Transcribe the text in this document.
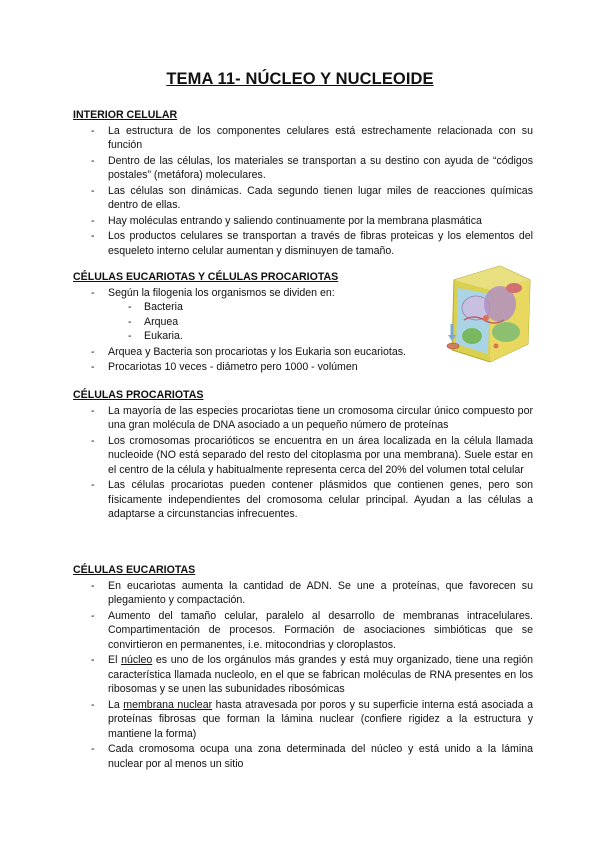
TEMA 11- NÚCLEO Y NUCLEOIDE
INTERIOR CELULAR
- La estructura de los componentes celulares está estrechamente relacionada con su función
- Dentro de las células, los materiales se transportan a su destino con ayuda de “códigos postales” (metáfora) moleculares.
- Las células son dinámicas. Cada segundo tienen lugar miles de reacciones químicas dentro de ellas.
- Hay moléculas entrando y saliendo continuamente por la membrana plasmática
- Los productos celulares se transportan a través de fibras proteicas y los elementos del esqueleto interno celular aumentan y disminuyen de tamaño.
CÉLULAS EUCARIOTAS Y CÉLULAS PROCARIOTAS
- Según la filogenia los organismos se dividen en:
- Bacteria
- Arquea
- Eukaria.
- Arquea y Bacteria son procariotas y los Eukaria son eucariotas.
- Procariotas 10 veces - diámetro pero 1000 - volúmen
CÉLULAS PROCARIOTAS
- La mayoría de las especies procariotas tiene un cromosoma circular único compuesto por una gran molécula de DNA asociado a un pequeño número de proteínas
- Los cromosomas procarióticos se encuentra en un área localizada en la célula llamada nucleoide (NO está separado del resto del citoplasma por una membrana). Suele estar en el centro de la célula y habitualmente representa cerca del 20% del volumen total celular
- Las células procariotas pueden contener plásmidos que contienen genes, pero son físicamente independientes del cromosoma celular principal. Ayudan a las células a adaptarse a circunstancias infrecuentes.
CÉLULAS EUCARIOTAS
- En eucariotas aumenta la cantidad de ADN. Se une a proteínas, que favorecen su plegamiento y compactación.
- Aumento del tamaño celular, paralelo al desarrollo de membranas intracelulares. Compartimentación de procesos. Formación de asociaciones simbióticas que se convirtieron en permanentes, i.e. mitocondrias y cloroplastos.
- El núcleo es uno de los orgánulos más grandes y está muy organizado, tiene una región característica llamada nucleolo, en el que se fabrican moléculas de RNA presentes en los ribosomas y se unen las subunidades ribosómicas
- La membrana nuclear hasta atravesada por poros y su superficie interna está asociada a proteínas fibrosas que forman la lámina nuclear (confiere rigidez a la estructura y mantiene la forma)
- Cada cromosoma ocupa una zona determinada del núcleo y está unido a la lámina nuclear por al menos un sitio
